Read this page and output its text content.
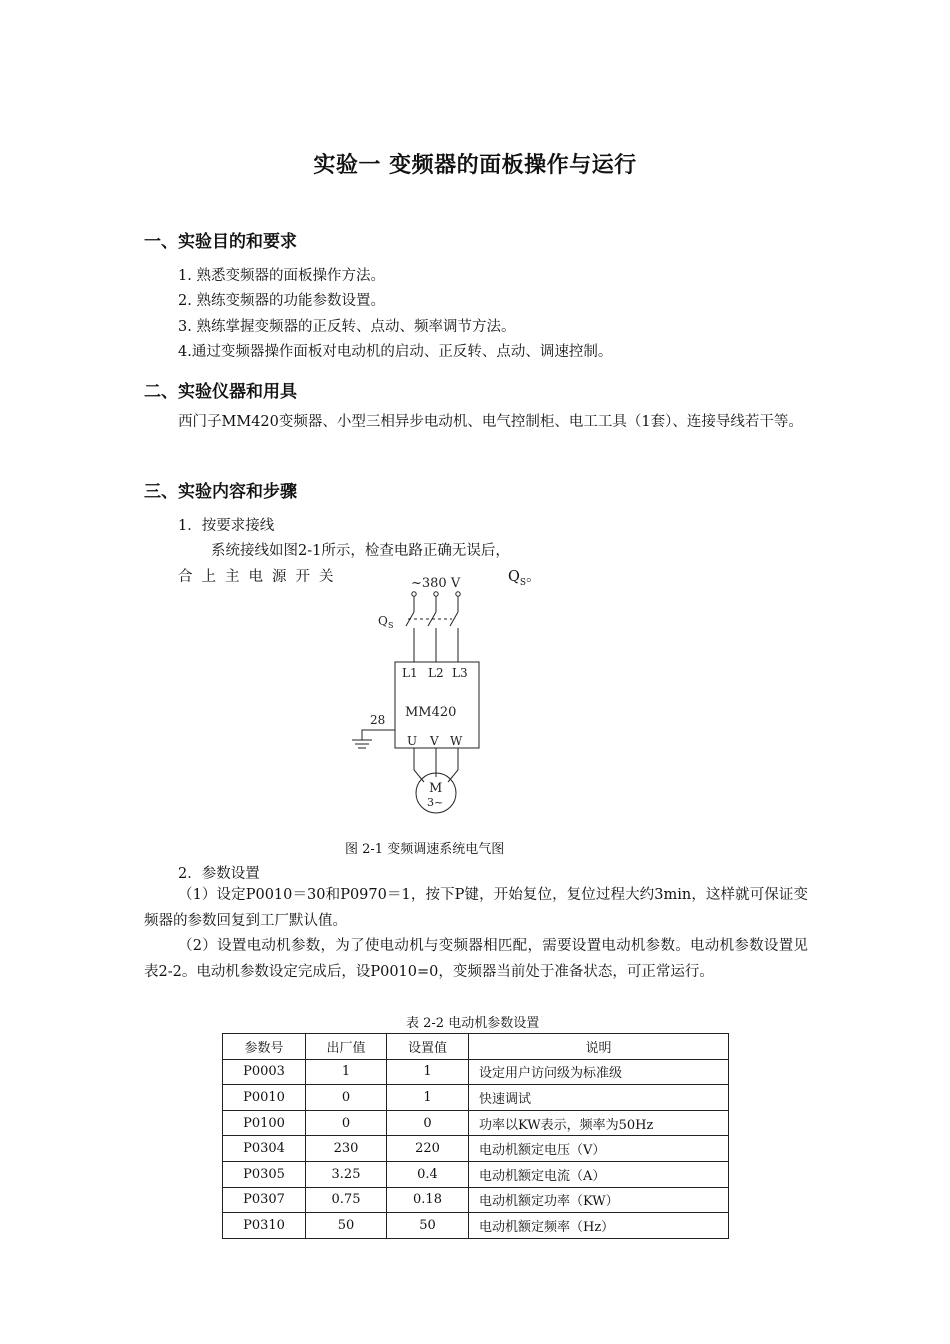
实验一 变频器的面板操作与运行
一、实验目的和要求
1. 熟悉变频器的面板操作方法。
2. 熟练变频器的功能参数设置。
3. 熟练掌握变频器的正反转、点动、频率调节方法。
4.通过变频器操作面板对电动机的启动、正反转、点动、调速控制。
二、实验仪器和用具
西门子MM420变频器、小型三相异步电动机、电气控制柜、电工工具（1套）、连接导线若干等。
三、实验内容和步骤
1．按要求接线
系统接线如图2-1所示，检查电路正确无误后，
合上主电源开关	$Q_S$。
~380 V
Q S
L1 L2 L3
MM420
U V W
28
M
3~
图 2-1 变频调速系统电气图
2．参数设置
（1）设定P0010＝30和P0970＝1，按下P键，开始复位，复位过程大约3min，这样就可保证变频器的参数回复到工厂默认值。
（2）设置电动机参数，为了使电动机与变频器相匹配，需要设置电动机参数。电动机参数设置见表2-2。电动机参数设定完成后，设P0010=0，变频器当前处于准备状态，可正常运行。
表 2-2 电动机参数设置
参数号	出厂值	设置值	说明
P0003	1	1	设定用户访问级为标准级
P0010	0	1	快速调试
P0100	0	0	功率以KW表示，频率为50Hz
P0304	230	220	电动机额定电压（V）
P0305	3.25	0.4	电动机额定电流（A）
P0307	0.75	0.18	电动机额定功率（KW）
P0310	50	50	电动机额定频率（Hz）
